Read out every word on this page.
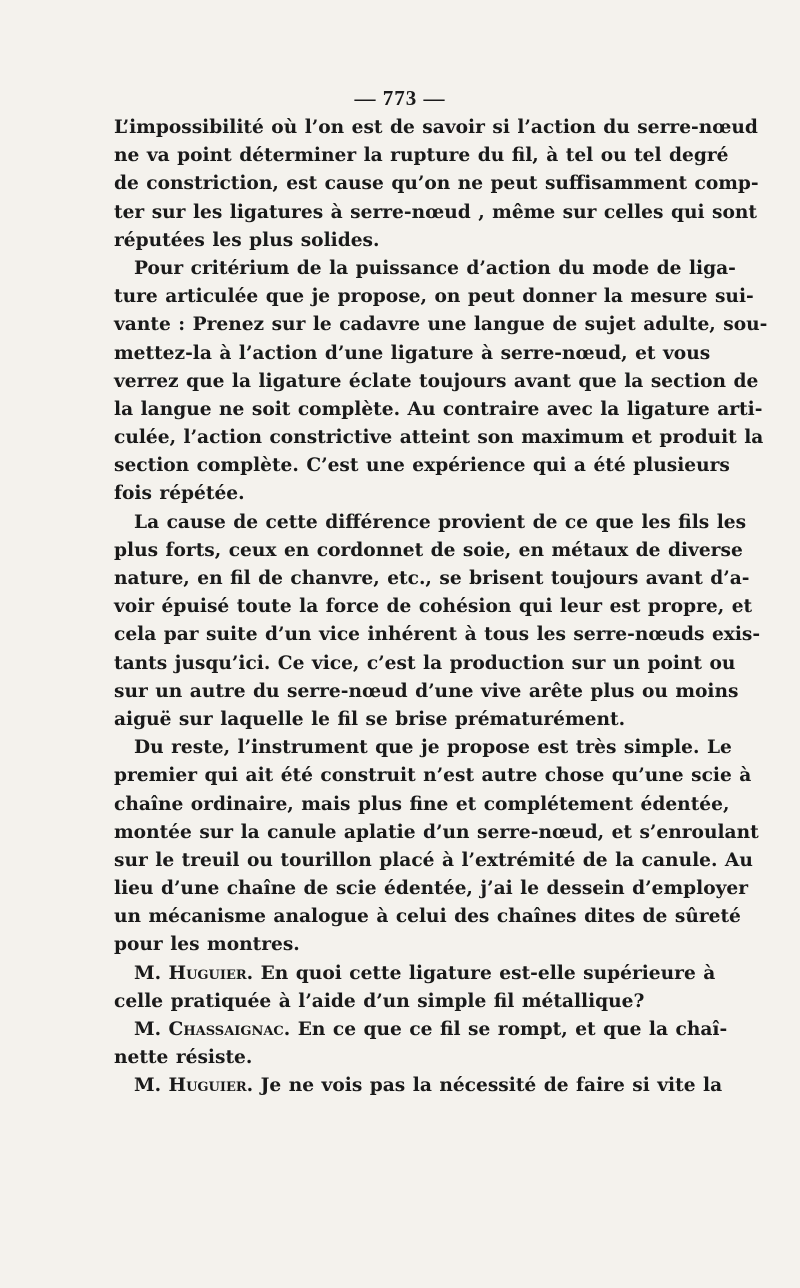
— 773 —
L’impossibilité où l’on est de savoir si l’action du serre-nœud
ne va point déterminer la rupture du fil, à tel ou tel degré
de constriction, est cause qu’on ne peut suffisamment comp-
ter sur les ligatures à serre-nœud , même sur celles qui sont
réputées les plus solides.
Pour critérium de la puissance d’action du mode de liga-
ture articulée que je propose, on peut donner la mesure sui-
vante : Prenez sur le cadavre une langue de sujet adulte, sou-
mettez-la à l’action d’une ligature à serre-nœud, et vous
verrez que la ligature éclate toujours avant que la section de
la langue ne soit complète. Au contraire avec la ligature arti-
culée, l’action constrictive atteint son maximum et produit la
section complète. C’est une expérience qui a été plusieurs
fois répétée.
La cause de cette différence provient de ce que les fils les
plus forts, ceux en cordonnet de soie, en métaux de diverse
nature, en fil de chanvre, etc., se brisent toujours avant d’a-
voir épuisé toute la force de cohésion qui leur est propre, et
cela par suite d’un vice inhérent à tous les serre-nœuds exis-
tants jusqu’ici. Ce vice, c’est la production sur un point ou
sur un autre du serre-nœud d’une vive arête plus ou moins
aiguë sur laquelle le fil se brise prématurément.
Du reste, l’instrument que je propose est très simple. Le
premier qui ait été construit n’est autre chose qu’une scie à
chaîne ordinaire, mais plus fine et complétement édentée,
montée sur la canule aplatie d’un serre-nœud, et s’enroulant
sur le treuil ou tourillon placé à l’extrémité de la canule. Au
lieu d’une chaîne de scie édentée, j’ai le dessein d’employer
un mécanisme analogue à celui des chaînes dites de sûreté
pour les montres.
M. Huguier. En quoi cette ligature est-elle supérieure à
celle pratiquée à l’aide d’un simple fil métallique?
M. Chassaignac. En ce que ce fil se rompt, et que la chaî-
nette résiste.
M. Huguier. Je ne vois pas la nécessité de faire si vite la
